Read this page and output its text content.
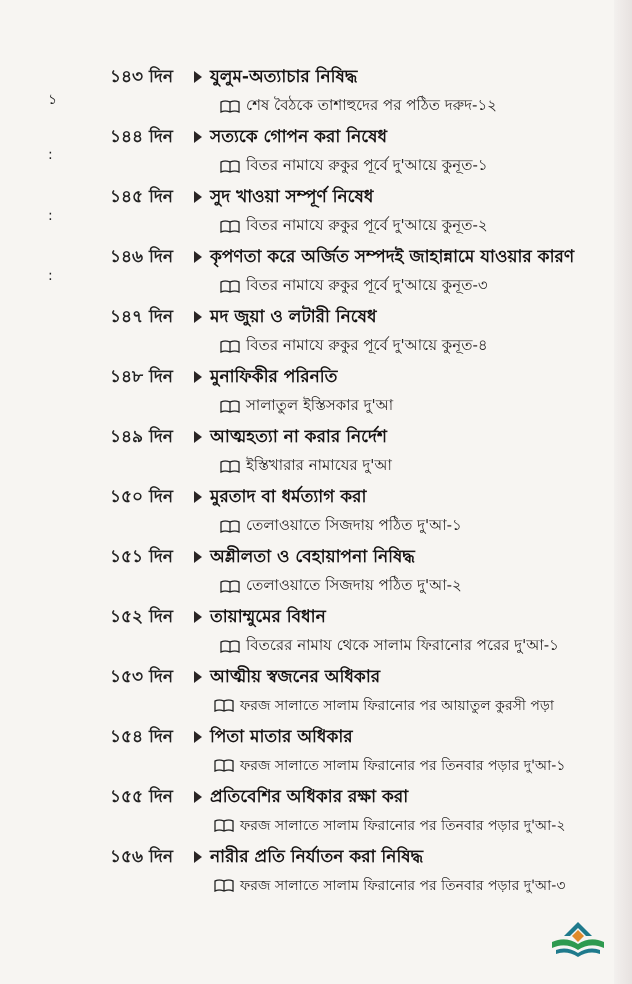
১
:
:
:
১৪৩ দিন	যুলুম-অত্যাচার নিষিদ্ধ
শেষ বৈঠকে তাশাহুদের পর পঠিত দরুদ-১২
১৪৪ দিন	সত্যকে গোপন করা নিষেধ
বিতর নামাযে রুকুর পূর্বে দু'আয়ে কুনূত-১
১৪৫ দিন	সুদ খাওয়া সম্পূর্ণ নিষেধ
বিতর নামাযে রুকুর পূর্বে দু'আয়ে কুনূত-২
১৪৬ দিন	কৃপণতা করে অর্জিত সম্পদই জাহান্নামে যাওয়ার কারণ
বিতর নামাযে রুকুর পূর্বে দু'আয়ে কুনূত-৩
১৪৭ দিন	মদ জুয়া ও লটারী নিষেধ
বিতর নামাযে রুকুর পূর্বে দু'আয়ে কুনূত-৪
১৪৮ দিন	মুনাফিকীর পরিনতি
সালাতুল ইস্তিসকার দু'আ
১৪৯ দিন	আত্মহত্যা না করার নির্দেশ
ইস্তিখারার নামাযের দু'আ
১৫০ দিন	মুরতাদ বা ধর্মত্যাগ করা
তেলাওয়াতে সিজদায় পঠিত দু'আ-১
১৫১ দিন	অশ্লীলতা ও বেহায়াপনা নিষিদ্ধ
তেলাওয়াতে সিজদায় পঠিত দু'আ-২
১৫২ দিন	তায়াম্মুমের বিধান
বিতরের নামায থেকে সালাম ফিরানোর পরের দু'আ-১
১৫৩ দিন	আত্মীয় স্বজনের অধিকার
ফরজ সালাতে সালাম ফিরানোর পর আয়াতুল কুরসী পড়া
১৫৪ দিন	পিতা মাতার অধিকার
ফরজ সালাতে সালাম ফিরানোর পর তিনবার পড়ার দু'আ-১
১৫৫ দিন	প্রতিবেশির অধিকার রক্ষা করা
ফরজ সালাতে সালাম ফিরানোর পর তিনবার পড়ার দু'আ-২
১৫৬ দিন	নারীর প্রতি নির্যাতন করা নিষিদ্ধ
ফরজ সালাতে সালাম ফিরানোর পর তিনবার পড়ার দু'আ-৩
